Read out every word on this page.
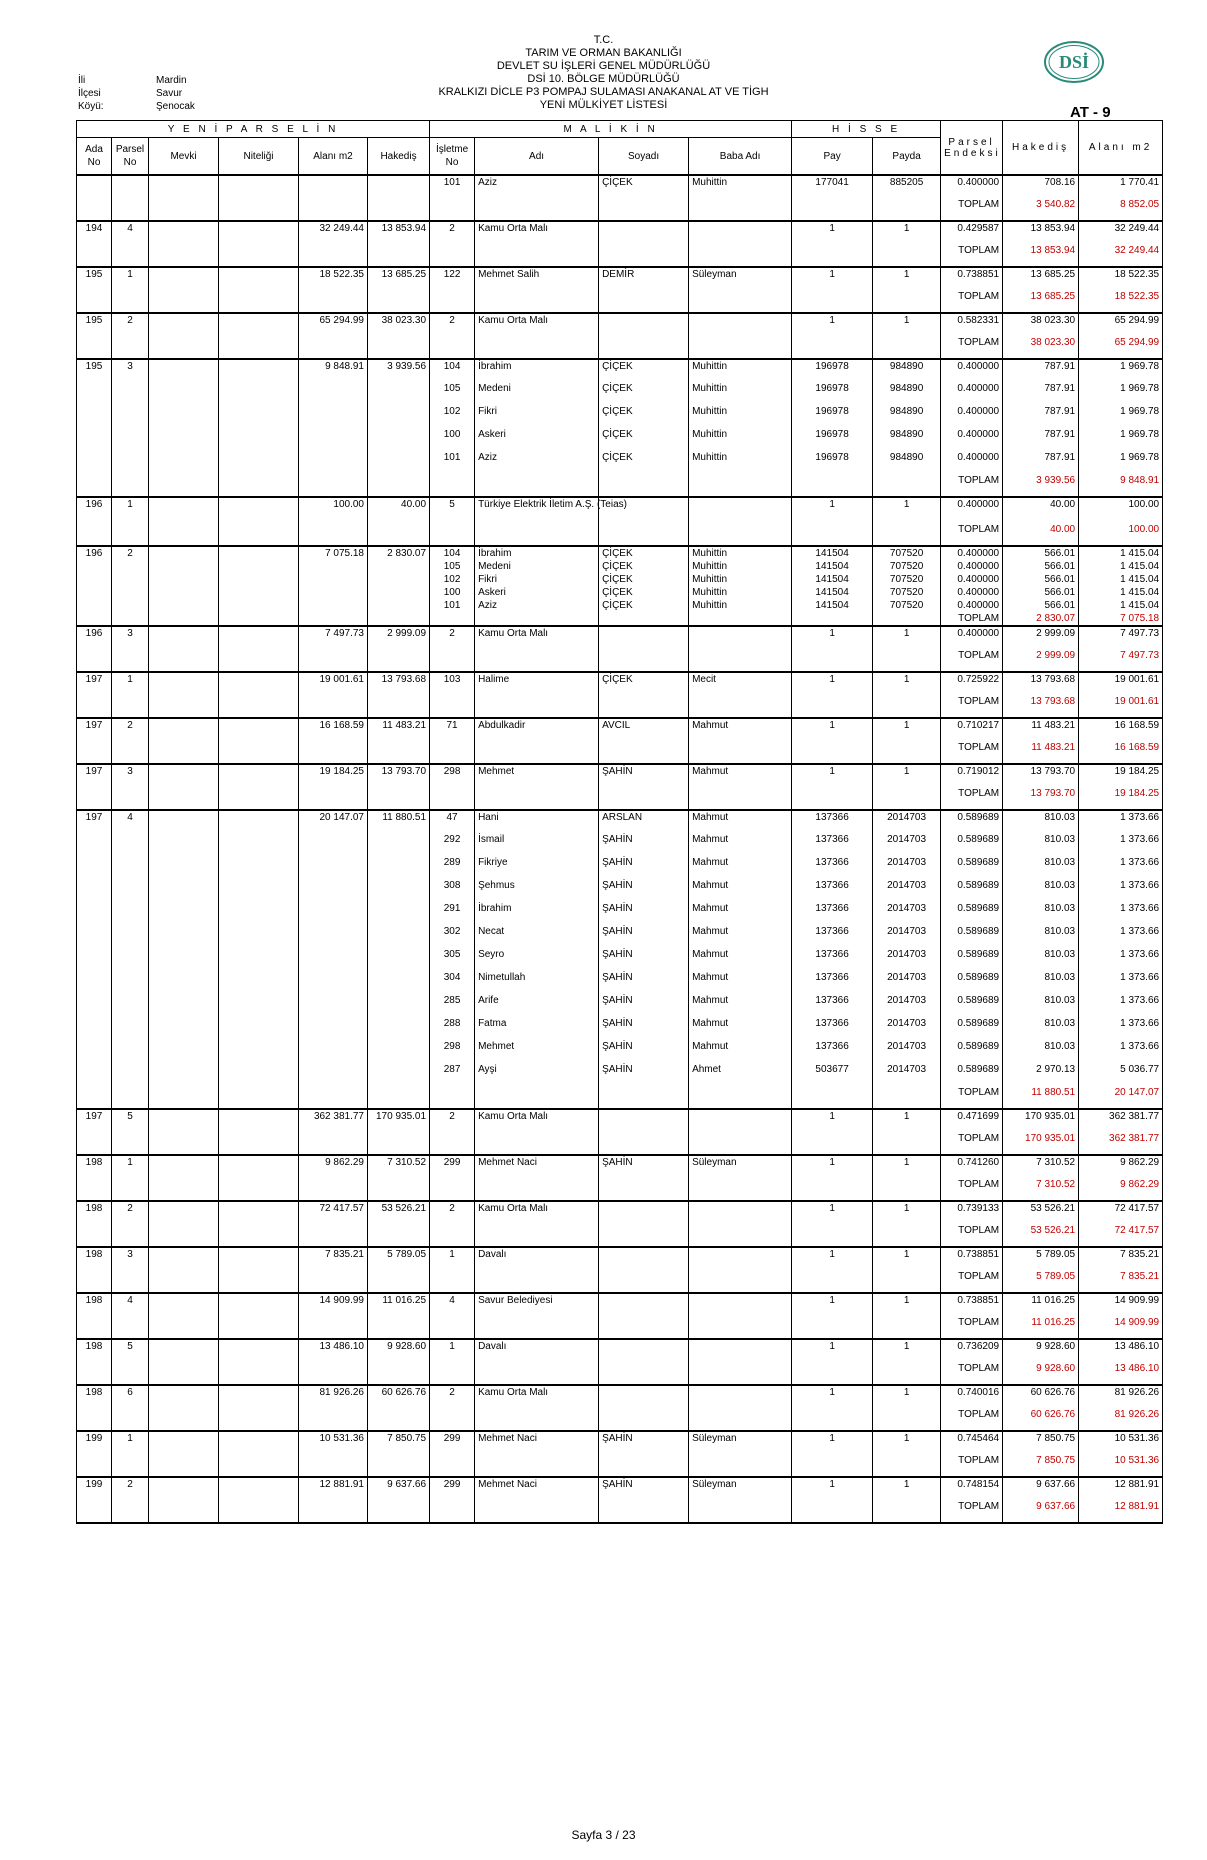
T.C.
TARIM VE ORMAN BAKANLIĞI
DEVLET SU İŞLERİ GENEL MÜDÜRLÜĞÜ
DSİ 10. BÖLGE MÜDÜRLÜĞÜ
KRALKIZI DİCLE P3 POMPAJ SULAMASI ANAKANAL AT VE TİGH
YENİ MÜLKİYET LİSTESİ
İli	Mardin
İlçesi	Savur
Köyü:	Şenocak
DSİ
AT - 9
Y E N İ P A R S E L İ N						M A L İ K İ N				H İ S S E		Parsel Endeksi	Hakediş	Alanı m2
Ada No	Parsel No	Mevki	Niteliği	Alanı m2	Hakediş	İşletme No	Adı	Soyadı	Baba Adı	Pay	Payda			
						101	Aziz	ÇİÇEK	Muhittin	177041	885205	0.400000	708.16	1 770.41
												TOPLAM	3 540.82	8 852.05
194	4			32 249.44	13 853.94	2	Kamu Orta Malı			1	1	0.429587	13 853.94	32 249.44
												TOPLAM	13 853.94	32 249.44
195	1			18 522.35	13 685.25	122	Mehmet Salih	DEMİR	Süleyman	1	1	0.738851	13 685.25	18 522.35
												TOPLAM	13 685.25	18 522.35
195	2			65 294.99	38 023.30	2	Kamu Orta Malı			1	1	0.582331	38 023.30	65 294.99
												TOPLAM	38 023.30	65 294.99
195	3			9 848.91	3 939.56	104	İbrahim	ÇİÇEK	Muhittin	196978	984890	0.400000	787.91	1 969.78
						105	Medeni	ÇİÇEK	Muhittin	196978	984890	0.400000	787.91	1 969.78
						102	Fikri	ÇİÇEK	Muhittin	196978	984890	0.400000	787.91	1 969.78
						100	Askeri	ÇİÇEK	Muhittin	196978	984890	0.400000	787.91	1 969.78
						101	Aziz	ÇİÇEK	Muhittin	196978	984890	0.400000	787.91	1 969.78
												TOPLAM	3 939.56	9 848.91
196	1			100.00	40.00	5	Türkiye Elektrik İletim A.Ş. (Teias)			1	1	0.400000	40.00	100.00
												TOPLAM	40.00	100.00
196	2			7 075.18	2 830.07	104	İbrahim	ÇİÇEK	Muhittin	141504	707520	0.400000	566.01	1 415.04
						105	Medeni	ÇİÇEK	Muhittin	141504	707520	0.400000	566.01	1 415.04
						102	Fikri	ÇİÇEK	Muhittin	141504	707520	0.400000	566.01	1 415.04
						100	Askeri	ÇİÇEK	Muhittin	141504	707520	0.400000	566.01	1 415.04
						101	Aziz	ÇİÇEK	Muhittin	141504	707520	0.400000	566.01	1 415.04
												TOPLAM	2 830.07	7 075.18
196	3			7 497.73	2 999.09	2	Kamu Orta Malı			1	1	0.400000	2 999.09	7 497.73
												TOPLAM	2 999.09	7 497.73
197	1			19 001.61	13 793.68	103	Halime	ÇİÇEK	Mecit	1	1	0.725922	13 793.68	19 001.61
												TOPLAM	13 793.68	19 001.61
197	2			16 168.59	11 483.21	71	Abdulkadir	AVCIL	Mahmut	1	1	0.710217	11 483.21	16 168.59
												TOPLAM	11 483.21	16 168.59
197	3			19 184.25	13 793.70	298	Mehmet	ŞAHİN	Mahmut	1	1	0.719012	13 793.70	19 184.25
												TOPLAM	13 793.70	19 184.25
197	4			20 147.07	11 880.51	47	Hani	ARSLAN	Mahmut	137366	2014703	0.589689	810.03	1 373.66
						292	İsmail	ŞAHİN	Mahmut	137366	2014703	0.589689	810.03	1 373.66
						289	Fikriye	ŞAHİN	Mahmut	137366	2014703	0.589689	810.03	1 373.66
						308	Şehmus	ŞAHİN	Mahmut	137366	2014703	0.589689	810.03	1 373.66
						291	İbrahim	ŞAHİN	Mahmut	137366	2014703	0.589689	810.03	1 373.66
						302	Necat	ŞAHİN	Mahmut	137366	2014703	0.589689	810.03	1 373.66
						305	Seyro	ŞAHİN	Mahmut	137366	2014703	0.589689	810.03	1 373.66
						304	Nimetullah	ŞAHİN	Mahmut	137366	2014703	0.589689	810.03	1 373.66
						285	Arife	ŞAHİN	Mahmut	137366	2014703	0.589689	810.03	1 373.66
						288	Fatma	ŞAHİN	Mahmut	137366	2014703	0.589689	810.03	1 373.66
						298	Mehmet	ŞAHİN	Mahmut	137366	2014703	0.589689	810.03	1 373.66
						287	Ayşi	ŞAHİN	Ahmet	503677	2014703	0.589689	2 970.13	5 036.77
												TOPLAM	11 880.51	20 147.07
197	5			362 381.77	170 935.01	2	Kamu Orta Malı			1	1	0.471699	170 935.01	362 381.77
												TOPLAM	170 935.01	362 381.77
198	1			9 862.29	7 310.52	299	Mehmet Naci	ŞAHİN	Süleyman	1	1	0.741260	7 310.52	9 862.29
												TOPLAM	7 310.52	9 862.29
198	2			72 417.57	53 526.21	2	Kamu Orta Malı			1	1	0.739133	53 526.21	72 417.57
												TOPLAM	53 526.21	72 417.57
198	3			7 835.21	5 789.05	1	Davalı			1	1	0.738851	5 789.05	7 835.21
												TOPLAM	5 789.05	7 835.21
198	4			14 909.99	11 016.25	4	Savur Belediyesi			1	1	0.738851	11 016.25	14 909.99
												TOPLAM	11 016.25	14 909.99
198	5			13 486.10	9 928.60	1	Davalı			1	1	0.736209	9 928.60	13 486.10
												TOPLAM	9 928.60	13 486.10
198	6			81 926.26	60 626.76	2	Kamu Orta Malı			1	1	0.740016	60 626.76	81 926.26
												TOPLAM	60 626.76	81 926.26
199	1			10 531.36	7 850.75	299	Mehmet Naci	ŞAHİN	Süleyman	1	1	0.745464	7 850.75	10 531.36
												TOPLAM	7 850.75	10 531.36
199	2			12 881.91	9 637.66	299	Mehmet Naci	ŞAHİN	Süleyman	1	1	0.748154	9 637.66	12 881.91
												TOPLAM	9 637.66	12 881.91
Sayfa 3 / 23
